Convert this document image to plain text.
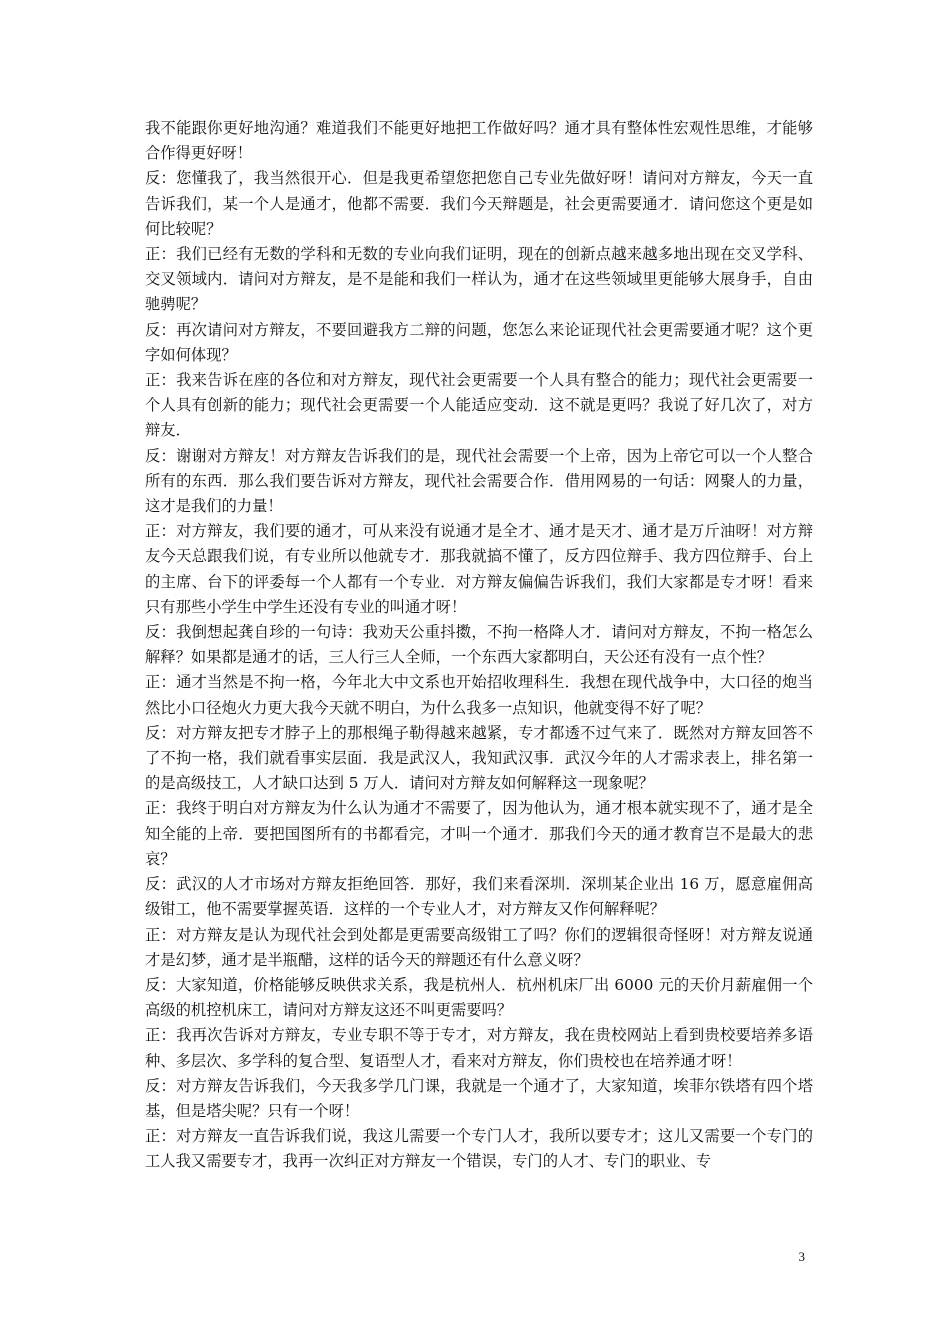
我不能跟你更好地沟通？难道我们不能更好地把工作做好吗？通才具有整体性宏观性思维，才能够合作得更好呀！

反：您懂我了，我当然很开心．但是我更希望您把您自己专业先做好呀！请问对方辩友，今天一直告诉我们，某一个人是通才，他都不需要．我们今天辩题是，社会更需要通才．请问您这个更是如何比较呢？

正：我们已经有无数的学科和无数的专业向我们证明，现在的创新点越来越多地出现在交叉学科、交叉领域内．请问对方辩友，是不是能和我们一样认为，通才在这些领域里更能够大展身手，自由驰骋呢？

反：再次请问对方辩友，不要回避我方二辩的问题，您怎么来论证现代社会更需要通才呢？这个更字如何体现？

正：我来告诉在座的各位和对方辩友，现代社会更需要一个人具有整合的能力；现代社会更需要一个人具有创新的能力；现代社会更需要一个人能适应变动．这不就是更吗？我说了好几次了，对方辩友．

反：谢谢对方辩友！对方辩友告诉我们的是，现代社会需要一个上帝，因为上帝它可以一个人整合所有的东西．那么我们要告诉对方辩友，现代社会需要合作．借用网易的一句话：网聚人的力量，这才是我们的力量！

正：对方辩友，我们要的通才，可从来没有说通才是全才、通才是天才、通才是万斤油呀！对方辩友今天总跟我们说，有专业所以他就专才．那我就搞不懂了，反方四位辩手、我方四位辩手、台上的主席、台下的评委每一个人都有一个专业．对方辩友偏偏告诉我们，我们大家都是专才呀！看来只有那些小学生中学生还没有专业的叫通才呀！

反：我倒想起龚自珍的一句诗：我劝天公重抖擞，不拘一格降人才．请问对方辩友，不拘一格怎么解释？如果都是通才的话，三人行三人全师，一个东西大家都明白，天公还有没有一点个性？

正：通才当然是不拘一格，今年北大中文系也开始招收理科生．我想在现代战争中，大口径的炮当然比小口径炮火力更大我今天就不明白，为什么我多一点知识，他就变得不好了呢？

反：对方辩友把专才脖子上的那根绳子勒得越来越紧，专才都透不过气来了．既然对方辩友回答不了不拘一格，我们就看事实层面．我是武汉人，我知武汉事．武汉今年的人才需求表上，排名第一的是高级技工，人才缺口达到 5 万人．请问对方辩友如何解释这一现象呢？

正：我终于明白对方辩友为什么认为通才不需要了，因为他认为，通才根本就实现不了，通才是全知全能的上帝．要把国图所有的书都看完，才叫一个通才．那我们今天的通才教育岂不是最大的悲哀？

反：武汉的人才市场对方辩友拒绝回答．那好，我们来看深圳．深圳某企业出 16 万，愿意雇佣高级钳工，他不需要掌握英语．这样的一个专业人才，对方辩友又作何解释呢？

正：对方辩友是认为现代社会到处都是更需要高级钳工了吗？你们的逻辑很奇怪呀！对方辩友说通才是幻梦，通才是半瓶醋，这样的话今天的辩题还有什么意义呀？

反：大家知道，价格能够反映供求关系，我是杭州人．杭州机床厂出 6000 元的天价月薪雇佣一个高级的机控机床工，请问对方辩友这还不叫更需要吗？

正：我再次告诉对方辩友，专业专职不等于专才，对方辩友，我在贵校网站上看到贵校要培养多语种、多层次、多学科的复合型、复语型人才，看来对方辩友，你们贵校也在培养通才呀！

反：对方辩友告诉我们，今天我多学几门课，我就是一个通才了，大家知道，埃菲尔铁塔有四个塔基，但是塔尖呢？只有一个呀！

正：对方辩友一直告诉我们说，我这儿需要一个专门人才，我所以要专才；这儿又需要一个专门的工人我又需要专才，我再一次纠正对方辩友一个错误，专门的人才、专门的职业、专

3
